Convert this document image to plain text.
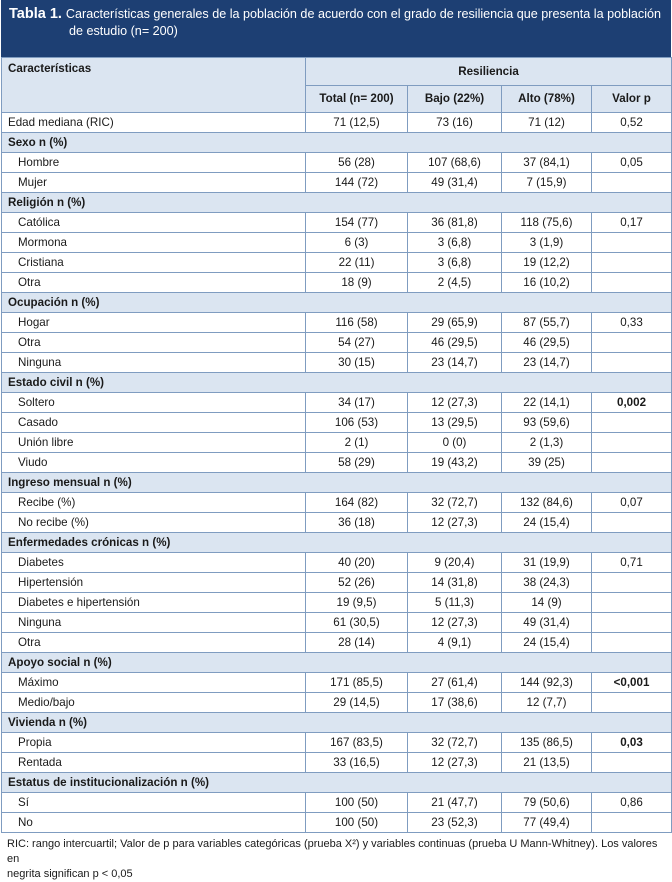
Tabla 1. Características generales de la población de acuerdo con el grado de resiliencia que presenta la población
de estudio (n= 200)
Características	Resiliencia			
	Total (n= 200)	Bajo (22%)	Alto (78%)	Valor p
Edad mediana (RIC)	71 (12,5)	73 (16)	71 (12)	0,52
Sexo n (%)				
Hombre	56 (28)	107 (68,6)	37 (84,1)	0,05
Mujer	144 (72)	49 (31,4)	7 (15,9)	
Religión n (%)				
Católica	154 (77)	36 (81,8)	118 (75,6)	0,17
Mormona	6 (3)	3 (6,8)	3 (1,9)	
Cristiana	22 (11)	3 (6,8)	19 (12,2)	
Otra	18 (9)	2 (4,5)	16 (10,2)	
Ocupación n (%)				
Hogar	116 (58)	29 (65,9)	87 (55,7)	0,33
Otra	54 (27)	46 (29,5)	46 (29,5)	
Ninguna	30 (15)	23 (14,7)	23 (14,7)	
Estado civil n (%)				
Soltero	34 (17)	12 (27,3)	22 (14,1)	0,002
Casado	106 (53)	13 (29,5)	93 (59,6)	
Unión libre	2 (1)	0 (0)	2 (1,3)	
Viudo	58 (29)	19 (43,2)	39 (25)	
Ingreso mensual n (%)				
Recibe (%)	164 (82)	32 (72,7)	132 (84,6)	0,07
No recibe (%)	36 (18)	12 (27,3)	24 (15,4)	
Enfermedades crónicas n (%)				
Diabetes	40 (20)	9 (20,4)	31 (19,9)	0,71
Hipertensión	52 (26)	14 (31,8)	38 (24,3)	
Diabetes e hipertensión	19 (9,5)	5 (11,3)	14 (9)	
Ninguna	61 (30,5)	12 (27,3)	49 (31,4)	
Otra	28 (14)	4 (9,1)	24 (15,4)	
Apoyo social n (%)				
Máximo	171 (85,5)	27 (61,4)	144 (92,3)	<0,001
Medio/bajo	29 (14,5)	17 (38,6)	12 (7,7)	
Vivienda n (%)				
Propia	167 (83,5)	32 (72,7)	135 (86,5)	0,03
Rentada	33 (16,5)	12 (27,3)	21 (13,5)	
Estatus de institucionalización n (%)				
Sí	100 (50)	21 (47,7)	79 (50,6)	0,86
No	100 (50)	23 (52,3)	77 (49,4)	
RIC: rango intercuartil; Valor de p para variables categóricas (prueba X²) y variables continuas (prueba U Mann-Whitney). Los valores en
negrita significan p < 0,05
